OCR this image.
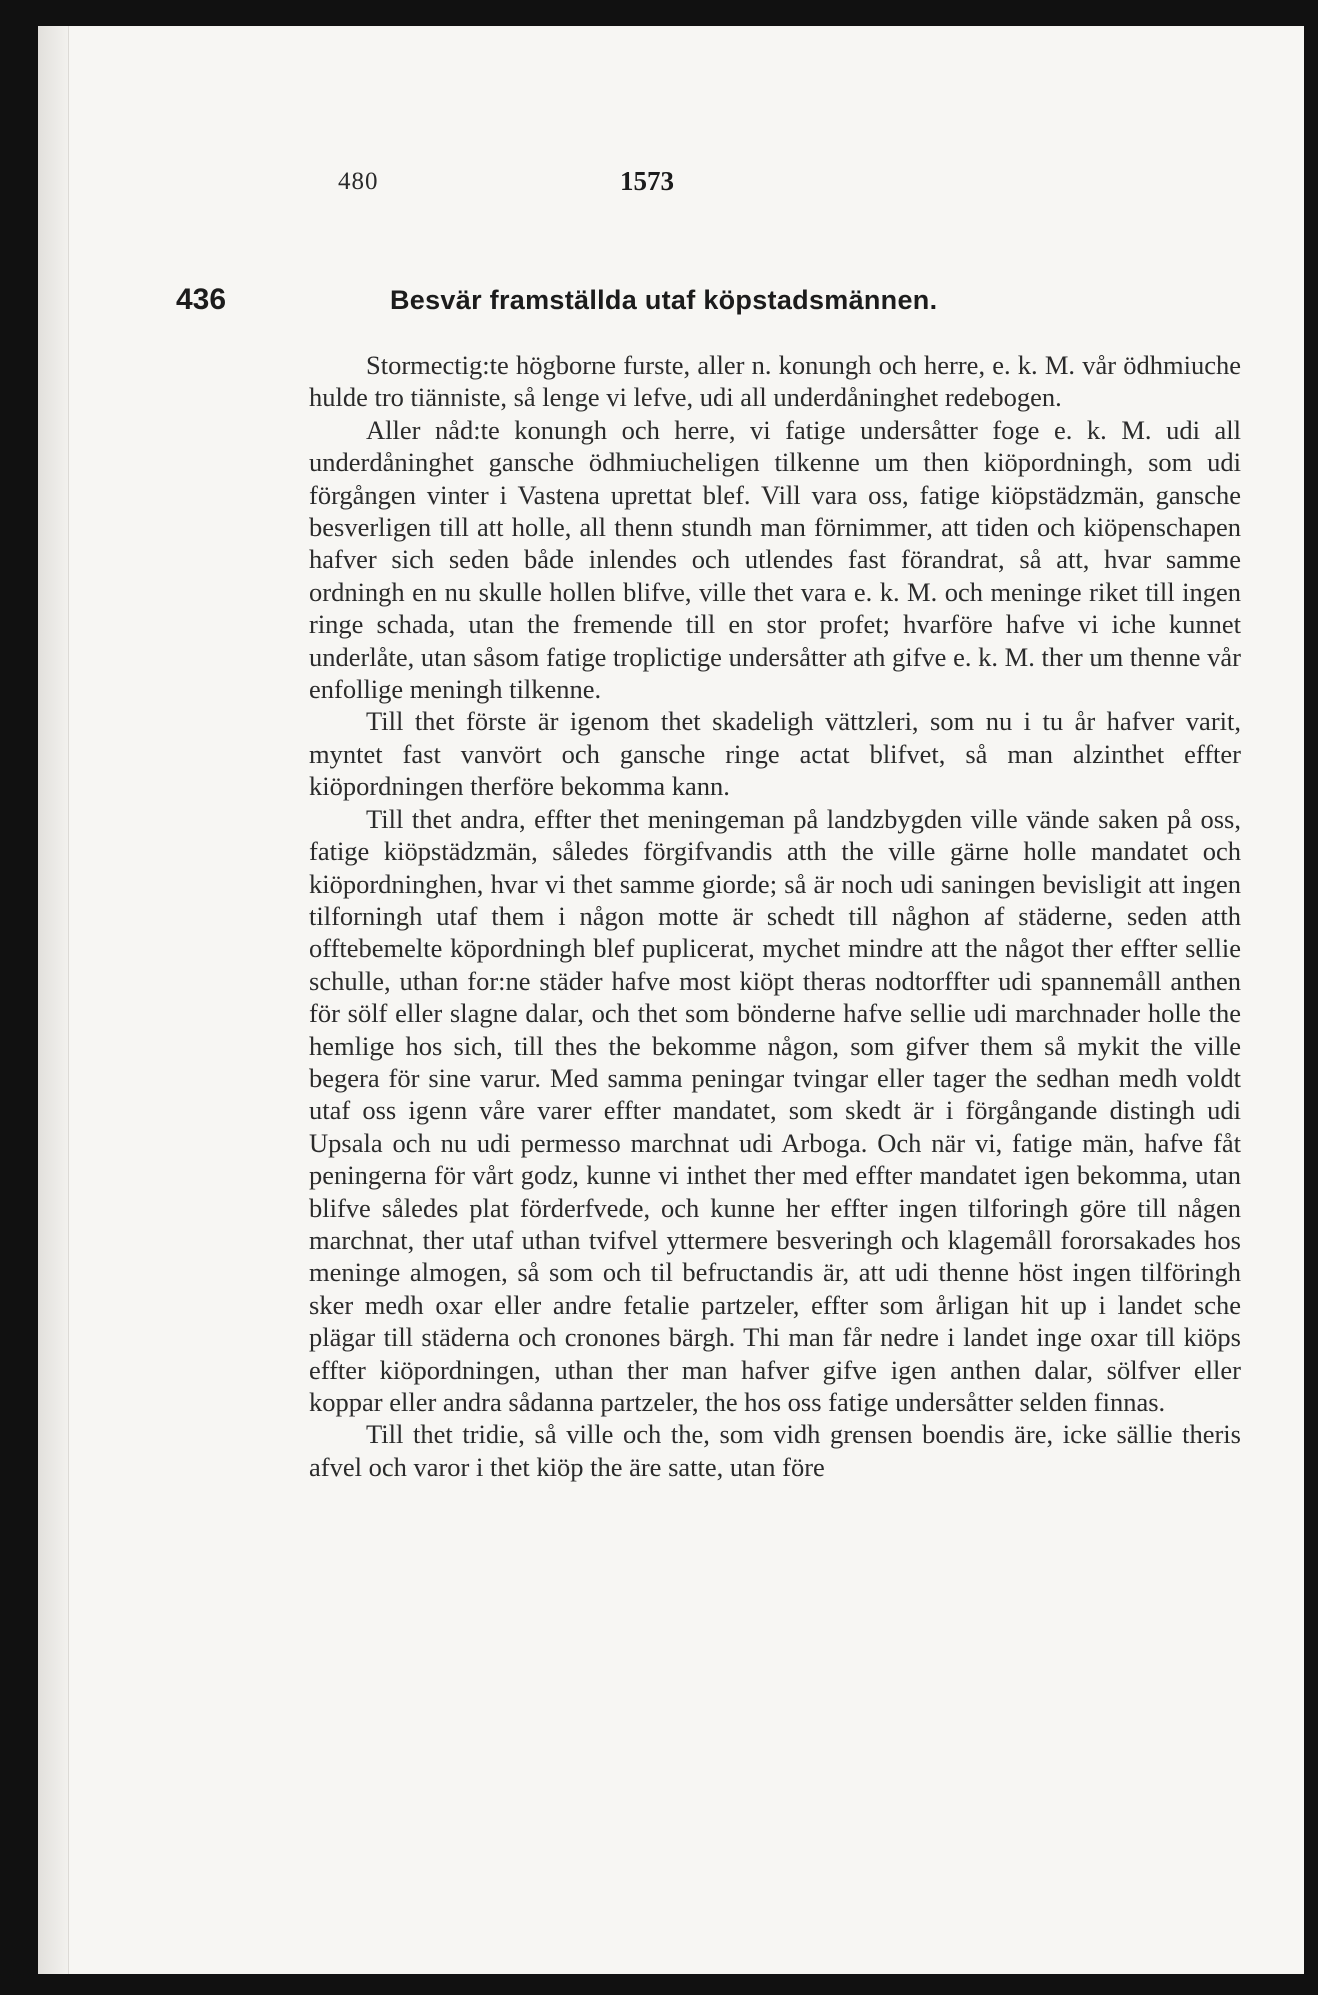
480	1573
436	Besvär framställda utaf köpstadsmännen.

Stormectig:te högborne furste, aller n. konungh och herre, e. k. M. vår ödhmiuche hulde tro tiänniste, så lenge vi lefve, udi all underdåninghet redebogen.

Aller nåd:te konungh och herre, vi fatige undersåtter foge e. k. M. udi all underdåninghet gansche ödhmiucheligen tilkenne um then kiöpordningh, som udi förgången vinter i Vastena uprettat blef. Vill vara oss, fatige kiöpstädzmän, gansche besverligen till att holle, all thenn stundh man förnimmer, att tiden och kiöpenschapen hafver sich seden både inlendes och utlendes fast förandrat, så att, hvar samme ordningh en nu skulle hollen blifve, ville thet vara e. k. M. och meninge riket till ingen ringe schada, utan the fremende till en stor profet; hvarföre hafve vi iche kunnet underlåte, utan såsom fatige troplictige undersåtter ath gifve e. k. M. ther um thenne vår enfollige meningh tilkenne.

Till thet förste är igenom thet skadeligh vättzleri, som nu i tu år hafver varit, myntet fast vanvört och gansche ringe actat blifvet, så man alzinthet effter kiöpordningen therföre bekomma kann.

Till thet andra, effter thet meningeman på landzbygden ville vände saken på oss, fatige kiöpstädzmän, således förgifvandis atth the ville gärne holle mandatet och kiöpordninghen, hvar vi thet samme giorde; så är noch udi saningen bevisligit att ingen tilforningh utaf them i någon motte är schedt till någhon af städerne, seden atth offtebemelte köpordningh blef puplicerat, mychet mindre att the något ther effter sellie schulle, uthan for:ne städer hafve most kiöpt theras nodtorffter udi spannemåll anthen för sölf eller slagne dalar, och thet som bönderne hafve sellie udi marchnader holle the hemlige hos sich, till thes the bekomme någon, som gifver them så mykit the ville begera för sine varur. Med samma peningar tvingar eller tager the sedhan medh voldt utaf oss igenn våre varer effter mandatet, som skedt är i förgångande distingh udi Upsala och nu udi permesso marchnat udi Arboga. Och när vi, fatige män, hafve fåt peningerna för vårt godz, kunne vi inthet ther med effter mandatet igen bekomma, utan blifve således plat förderfvede, och kunne her effter ingen tilforingh göre till någen marchnat, ther utaf uthan tvifvel yttermere besveringh och klagemåll fororsakades hos meninge almogen, så som och til befructandis är, att udi thenne höst ingen tilföringh sker medh oxar eller andre fetalie partzeler, effter som årligan hit up i landet sche plägar till städerna och cronones bärgh. Thi man får nedre i landet inge oxar till kiöps effter kiöpordningen, uthan ther man hafver gifve igen anthen dalar, sölfver eller koppar eller andra sådanna partzeler, the hos oss fatige undersåtter selden finnas.

Till thet tridie, så ville och the, som vidh grensen boendis äre, icke sällie theris afvel och varor i thet kiöp the äre satte, utan före
